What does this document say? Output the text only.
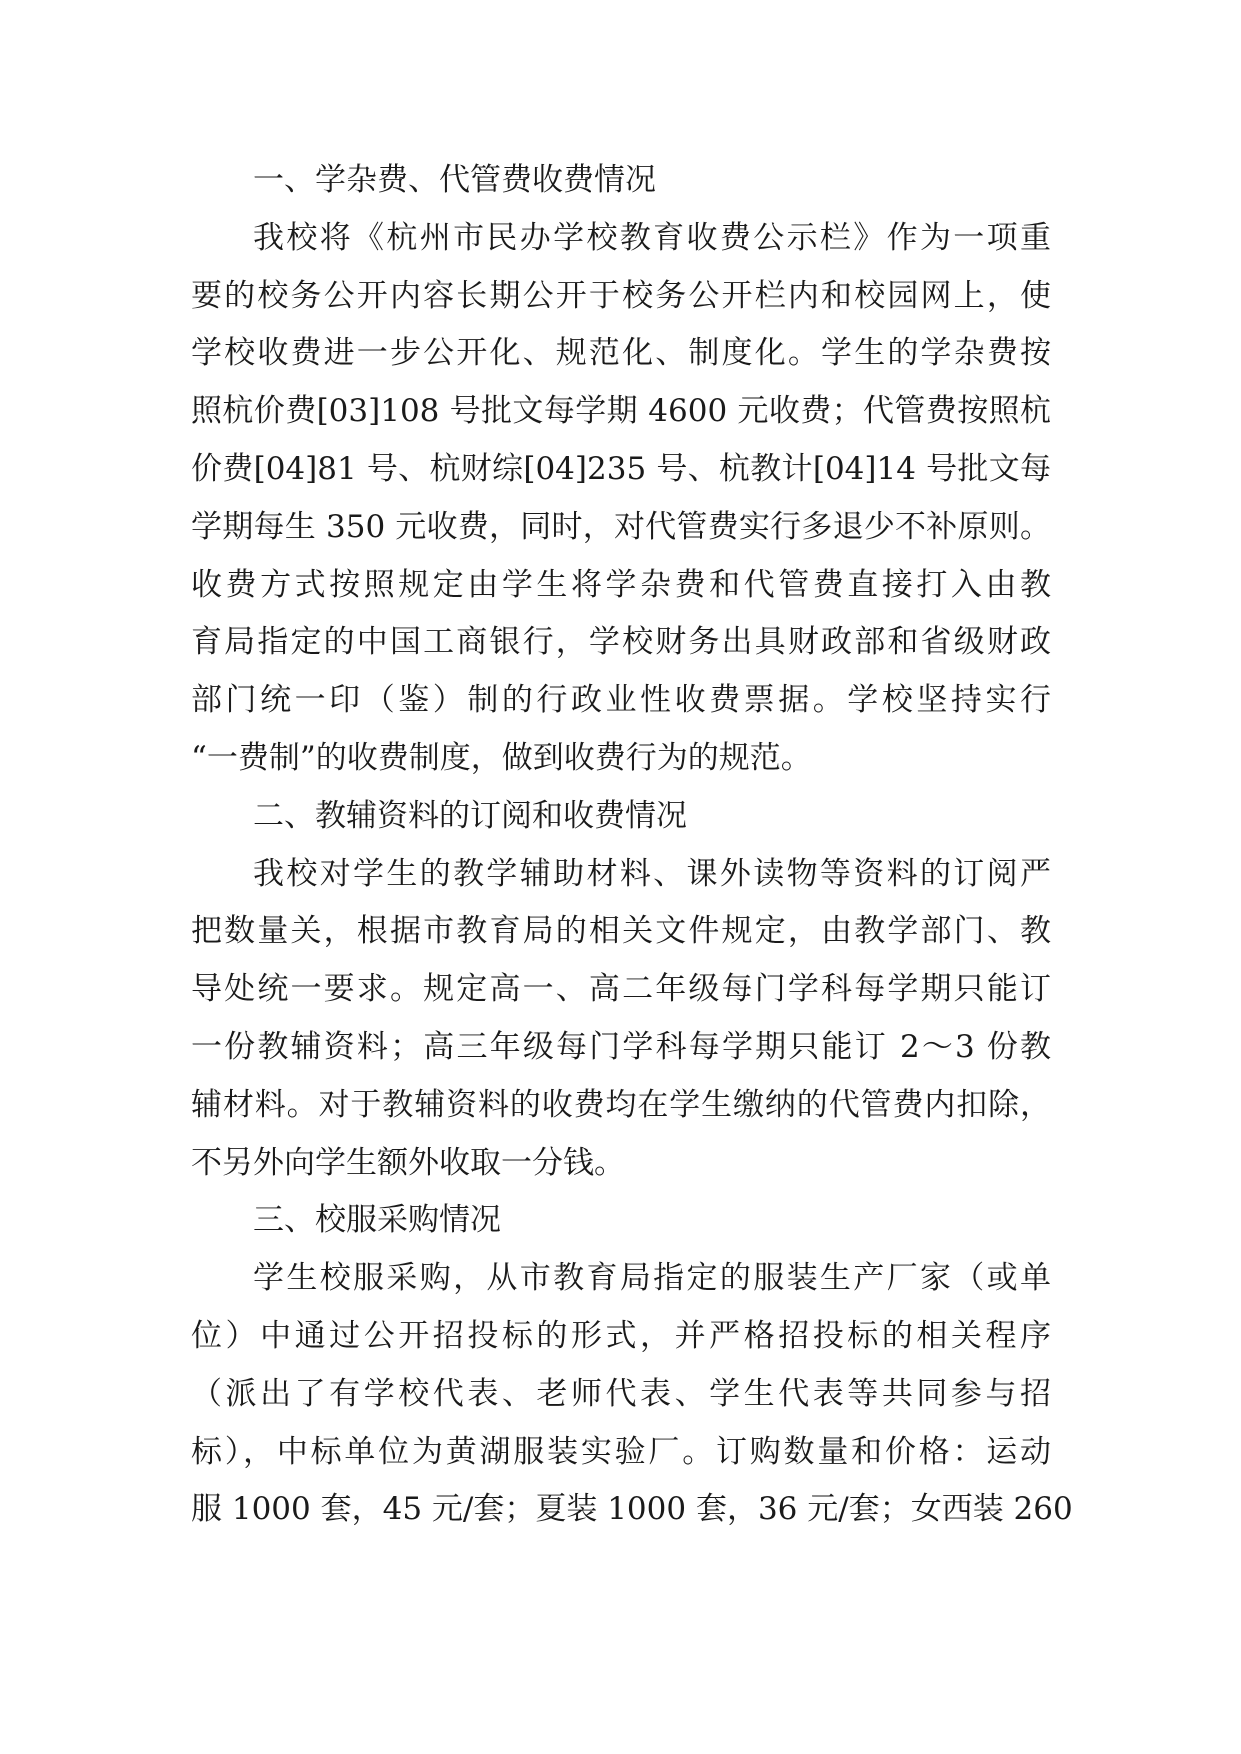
一、学杂费、代管费收费情况
我校将《杭州市民办学校教育收费公示栏》作为一项重
要的校务公开内容长期公开于校务公开栏内和校园网上，使
学校收费进一步公开化、规范化、制度化。学生的学杂费按
照杭价费[03]108 号批文每学期 4600 元收费；代管费按照杭
价费[04]81 号、杭财综[04]235 号、杭教计[04]14 号批文每
学期每生 350 元收费，同时，对代管费实行多退少不补原则。
收费方式按照规定由学生将学杂费和代管费直接打入由教
育局指定的中国工商银行，学校财务出具财政部和省级财政
部门统一印（鉴）制的行政业性收费票据。学校坚持实行
“一费制”的收费制度，做到收费行为的规范。
二、教辅资料的订阅和收费情况
我校对学生的教学辅助材料、课外读物等资料的订阅严
把数量关，根据市教育局的相关文件规定，由教学部门、教
导处统一要求。规定高一、高二年级每门学科每学期只能订
一份教辅资料；高三年级每门学科每学期只能订 2～3 份教
辅材料。对于教辅资料的收费均在学生缴纳的代管费内扣除，
不另外向学生额外收取一分钱。
三、校服采购情况
学生校服采购，从市教育局指定的服装生产厂家（或单
位）中通过公开招投标的形式，并严格招投标的相关程序
（派出了有学校代表、老师代表、学生代表等共同参与招
标），中标单位为黄湖服装实验厂。订购数量和价格：运动
服 1000 套，45 元/套；夏装 1000 套，36 元/套；女西装 260
